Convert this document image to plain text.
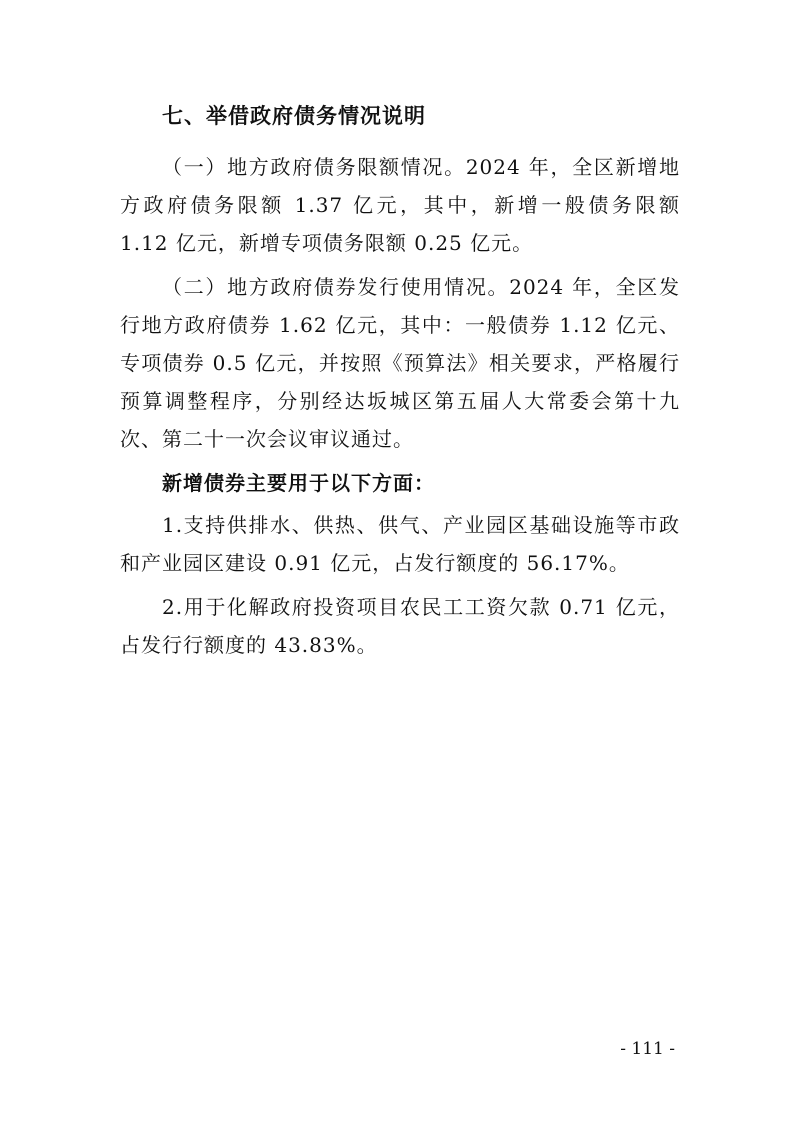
七、举借政府债务情况说明

（一）地方政府债务限额情况。2024 年，全区新增地方政府债务限额 1.37 亿元，其中，新增一般债务限额 1.12 亿元，新增专项债务限额 0.25 亿元。

（二）地方政府债券发行使用情况。2024 年，全区发行地方政府债券 1.62 亿元，其中：一般债券 1.12 亿元、专项债券 0.5 亿元，并按照《预算法》相关要求，严格履行预算调整程序，分别经达坂城区第五届人大常委会第十九次、第二十一次会议审议通过。

新增债券主要用于以下方面：

1.支持供排水、供热、供气、产业园区基础设施等市政和产业园区建设 0.91 亿元，占发行额度的 56.17%。

2.用于化解政府投资项目农民工工资欠款 0.71 亿元，占发行行额度的 43.83%。

- 111 -
